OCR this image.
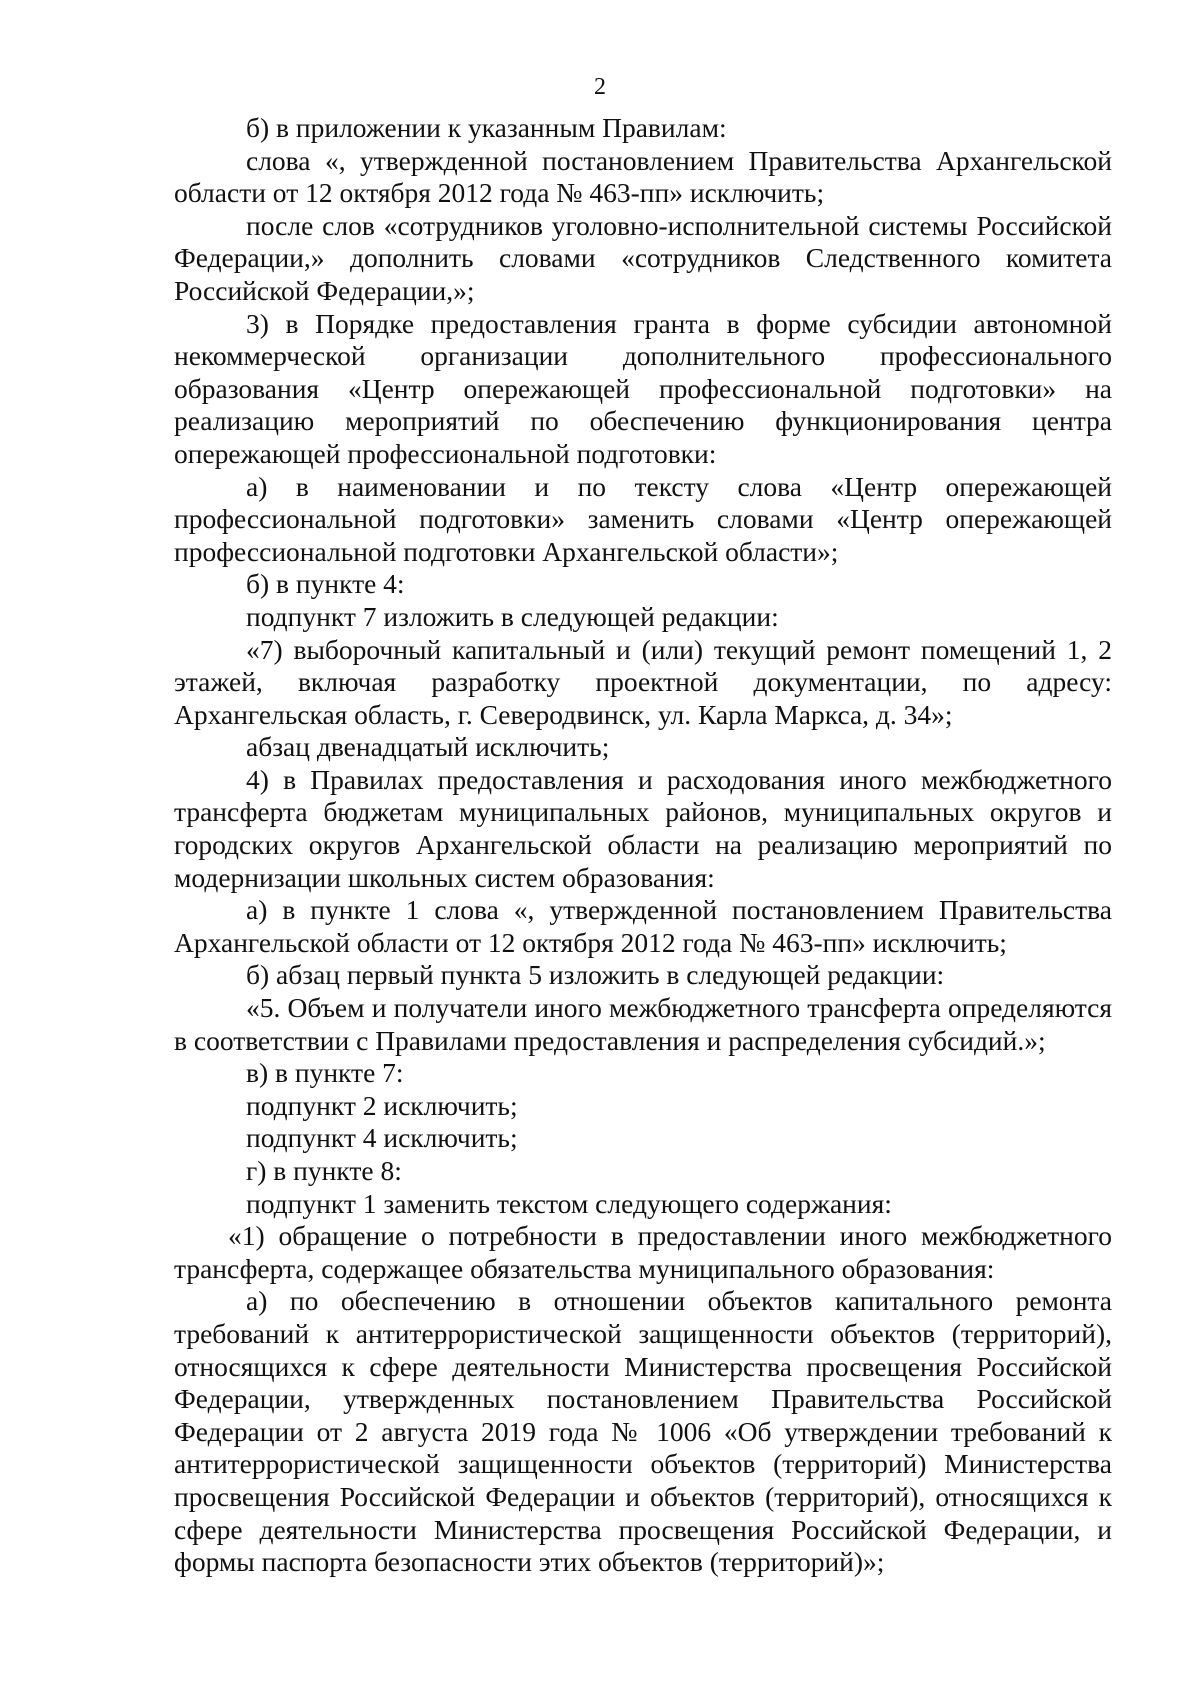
2

б) в приложении к указанным Правилам:

слова «, утвержденной постановлением Правительства Архангельской области от 12 октября 2012 года № 463-пп» исключить;

после слов «сотрудников уголовно-исполнительной системы Российской Федерации,» дополнить словами «сотрудников Следственного комитета Российской Федерации,»;

3) в Порядке предоставления гранта в форме субсидии автономной некоммерческой организации дополнительного профессионального образования «Центр опережающей профессиональной подготовки» на реализацию мероприятий по обеспечению функционирования центра опережающей профессиональной подготовки:

а) в наименовании и по тексту слова «Центр опережающей профессиональной подготовки» заменить словами «Центр опережающей профессиональной подготовки Архангельской области»;

б) в пункте 4:

подпункт 7 изложить в следующей редакции:

«7) выборочный капитальный и (или) текущий ремонт помещений 1, 2 этажей, включая разработку проектной документации, по адресу: Архангельская область, г. Северодвинск, ул. Карла Маркса, д. 34»;

абзац двенадцатый исключить;

4) в Правилах предоставления и расходования иного межбюджетного трансферта бюджетам муниципальных районов, муниципальных округов и городских округов Архангельской области на реализацию мероприятий по модернизации школьных систем образования:

а) в пункте 1 слова «, утвержденной постановлением Правительства Архангельской области от 12 октября 2012 года № 463-пп» исключить;

б) абзац первый пункта 5 изложить в следующей редакции:

«5. Объем и получатели иного межбюджетного трансферта определяются в соответствии с Правилами предоставления и распределения субсидий.»;

в) в пункте 7:

подпункт 2 исключить;

подпункт 4 исключить;

г) в пункте 8:

подпункт 1 заменить текстом следующего содержания:

«1) обращение о потребности в предоставлении иного межбюджетного трансферта, содержащее обязательства муниципального образования:

а) по обеспечению в отношении объектов капитального ремонта требований к антитеррористической защищенности объектов (территорий), относящихся к сфере деятельности Министерства просвещения Российской Федерации, утвержденных постановлением Правительства Российской Федерации от 2 августа 2019 года № 1006 «Об утверждении требований к антитеррористической защищенности объектов (территорий) Министерства просвещения Российской Федерации и объектов (территорий), относящихся к сфере деятельности Министерства просвещения Российской Федерации, и формы паспорта безопасности этих объектов (территорий)»;
